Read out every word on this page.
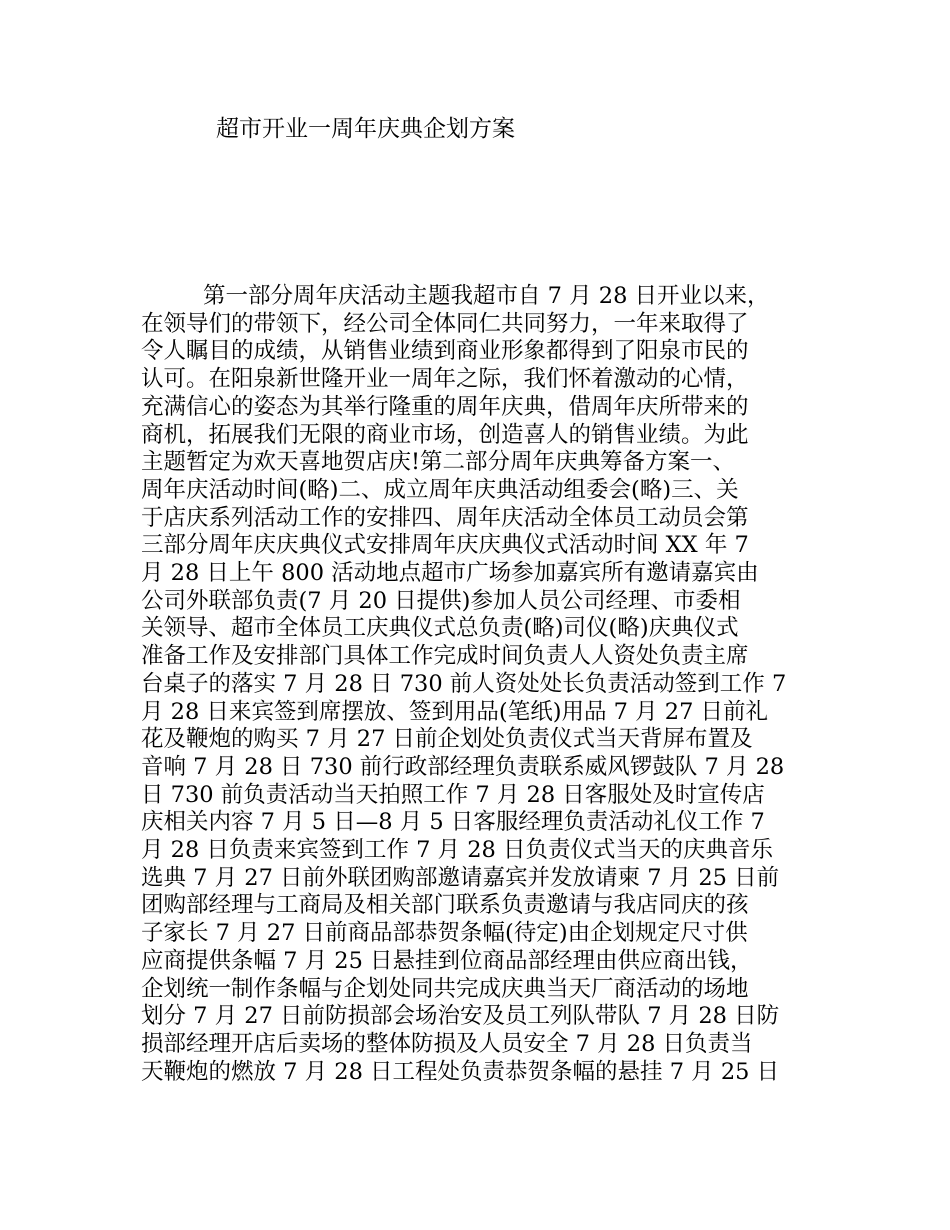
超市开业一周年庆典企划方案
第一部分周年庆活动主题我超市自 7 月 28 日开业以来，
在领导们的带领下，经公司全体同仁共同努力，一年来取得了
令人瞩目的成绩，从销售业绩到商业形象都得到了阳泉市民的
认可。在阳泉新世隆开业一周年之际，我们怀着激动的心情，
充满信心的姿态为其举行隆重的周年庆典，借周年庆所带来的
商机，拓展我们无限的商业市场，创造喜人的销售业绩。为此
主题暂定为欢天喜地贺店庆!第二部分周年庆典筹备方案一、
周年庆活动时间(略)二、成立周年庆典活动组委会(略)三、关
于店庆系列活动工作的安排四、周年庆活动全体员工动员会第
三部分周年庆庆典仪式安排周年庆庆典仪式活动时间 XX 年 7
月 28 日上午 800 活动地点超市广场参加嘉宾所有邀请嘉宾由
公司外联部负责(7 月 20 日提供)参加人员公司经理、市委相
关领导、超市全体员工庆典仪式总负责(略)司仪(略)庆典仪式
准备工作及安排部门具体工作完成时间负责人人资处负责主席
台桌子的落实 7 月 28 日 730 前人资处处长负责活动签到工作 7
月 28 日来宾签到席摆放、签到用品(笔纸)用品 7 月 27 日前礼
花及鞭炮的购买 7 月 27 日前企划处负责仪式当天背屏布置及
音响 7 月 28 日 730 前行政部经理负责联系威风锣鼓队 7 月 28
日 730 前负责活动当天拍照工作 7 月 28 日客服处及时宣传店
庆相关内容 7 月 5 日—8 月 5 日客服经理负责活动礼仪工作 7
月 28 日负责来宾签到工作 7 月 28 日负责仪式当天的庆典音乐
选典 7 月 27 日前外联团购部邀请嘉宾并发放请柬 7 月 25 日前
团购部经理与工商局及相关部门联系负责邀请与我店同庆的孩
子家长 7 月 27 日前商品部恭贺条幅(待定)由企划规定尺寸供
应商提供条幅 7 月 25 日悬挂到位商品部经理由供应商出钱，
企划统一制作条幅与企划处同共完成庆典当天厂商活动的场地
划分 7 月 27 日前防损部会场治安及员工列队带队 7 月 28 日防
损部经理开店后卖场的整体防损及人员安全 7 月 28 日负责当
天鞭炮的燃放 7 月 28 日工程处负责恭贺条幅的悬挂 7 月 25 日
